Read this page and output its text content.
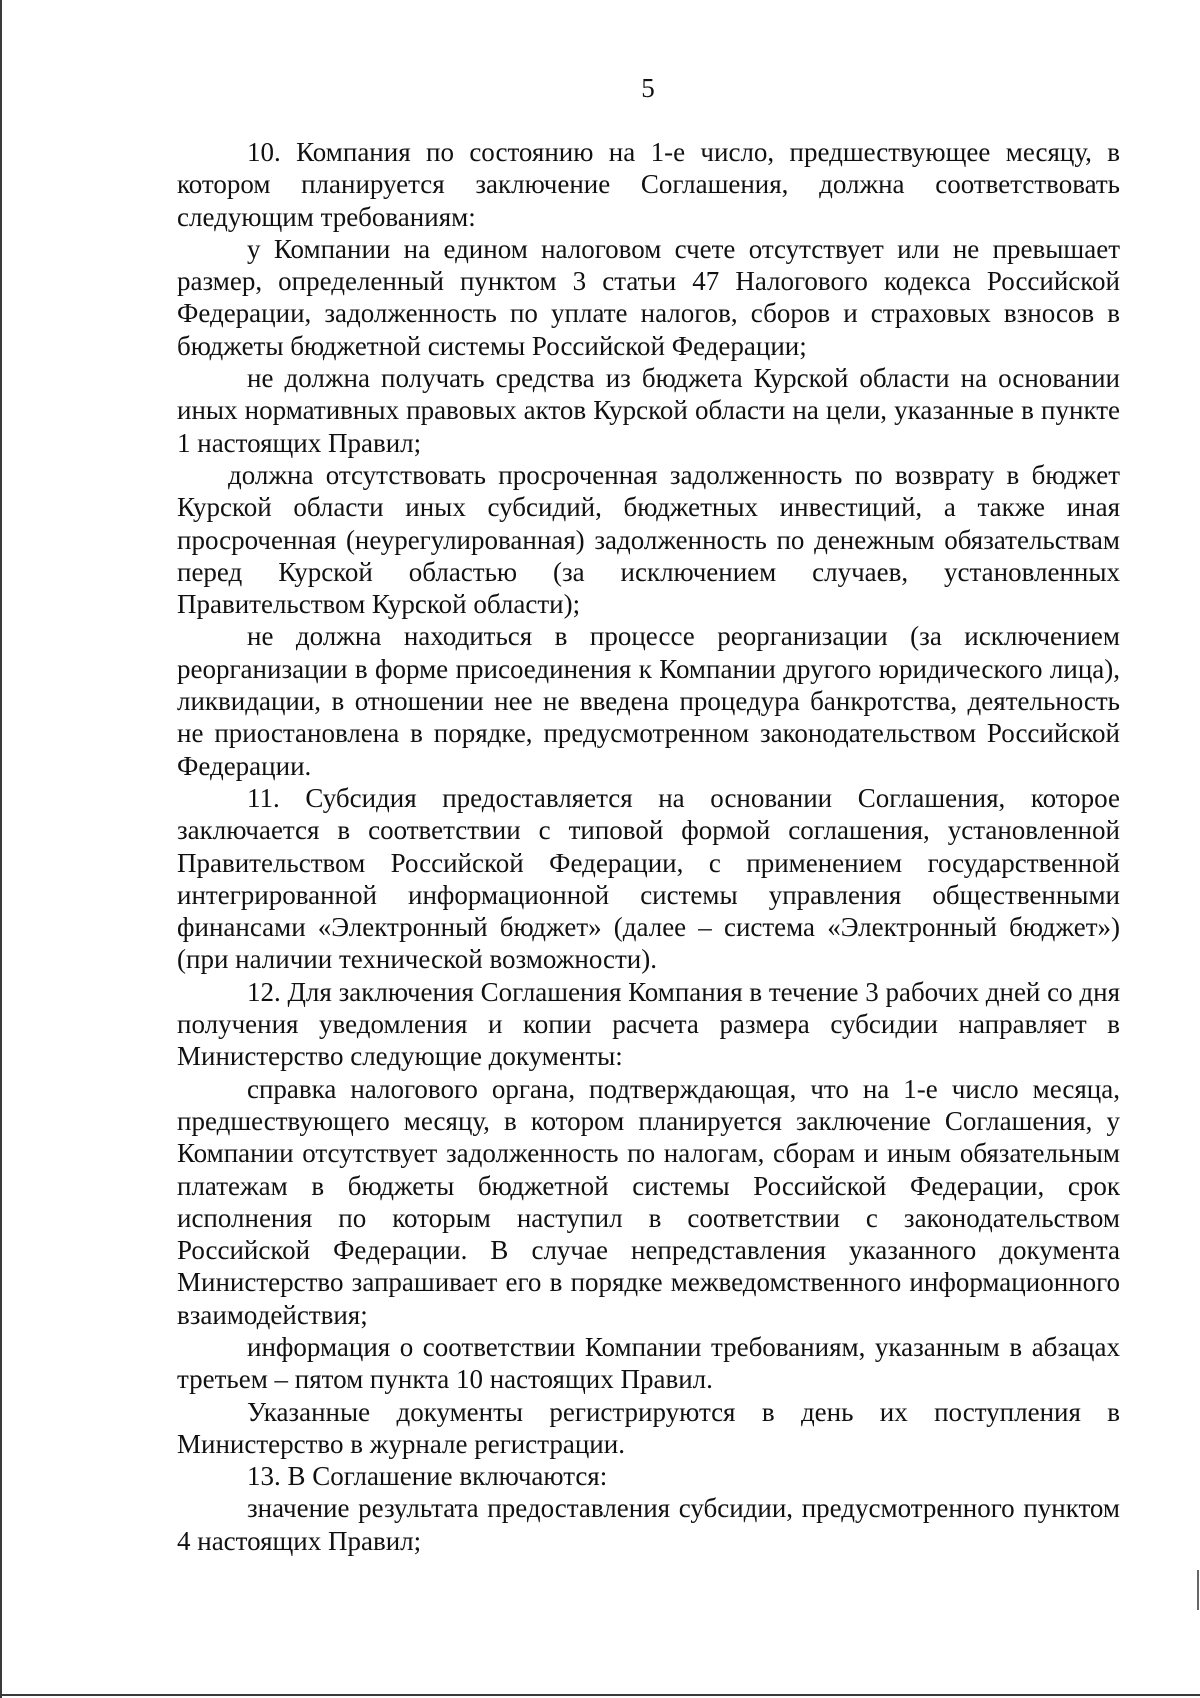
5

10. Компания по состоянию на 1-е число, предшествующее месяцу, в котором планируется заключение Соглашения, должна соответствовать следующим требованиям:

у Компании на едином налоговом счете отсутствует или не превышает размер, определенный пунктом 3 статьи 47 Налогового кодекса Российской Федерации, задолженность по уплате налогов, сборов и страховых взносов в бюджеты бюджетной системы Российской Федерации;

не должна получать средства из бюджета Курской области на основании иных нормативных правовых актов Курской области на цели, указанные в пункте 1 настоящих Правил;

должна отсутствовать просроченная задолженность по возврату в бюджет Курской области иных субсидий, бюджетных инвестиций, а также иная просроченная (неурегулированная) задолженность по денежным обязательствам перед Курской областью (за исключением случаев, установленных Правительством Курской области);

не должна находиться в процессе реорганизации (за исключением реорганизации в форме присоединения к Компании другого юридического лица), ликвидации, в отношении нее не введена процедура банкротства, деятельность не приостановлена в порядке, предусмотренном законодательством Российской Федерации.

11. Субсидия предоставляется на основании Соглашения, которое заключается в соответствии с типовой формой соглашения, установленной Правительством Российской Федерации, с применением государственной интегрированной информационной системы управления общественными финансами «Электронный бюджет» (далее – система «Электронный бюджет») (при наличии технической возможности).

12. Для заключения Соглашения Компания в течение 3 рабочих дней со дня получения уведомления и копии расчета размера субсидии направляет в Министерство следующие документы:

справка налогового органа, подтверждающая, что на 1-е число месяца, предшествующего месяцу, в котором планируется заключение Соглашения, у Компании отсутствует задолженность по налогам, сборам и иным обязательным платежам в бюджеты бюджетной системы Российской Федерации, срок исполнения по которым наступил в соответствии с законодательством Российской Федерации. В случае непредставления указанного документа Министерство запрашивает его в порядке межведомственного информационного взаимодействия;

информация о соответствии Компании требованиям, указанным в абзацах третьем – пятом пункта 10 настоящих Правил.

Указанные документы регистрируются в день их поступления в Министерство в журнале регистрации.

13. В Соглашение включаются:

значение результата предоставления субсидии, предусмотренного пунктом 4 настоящих Правил;
